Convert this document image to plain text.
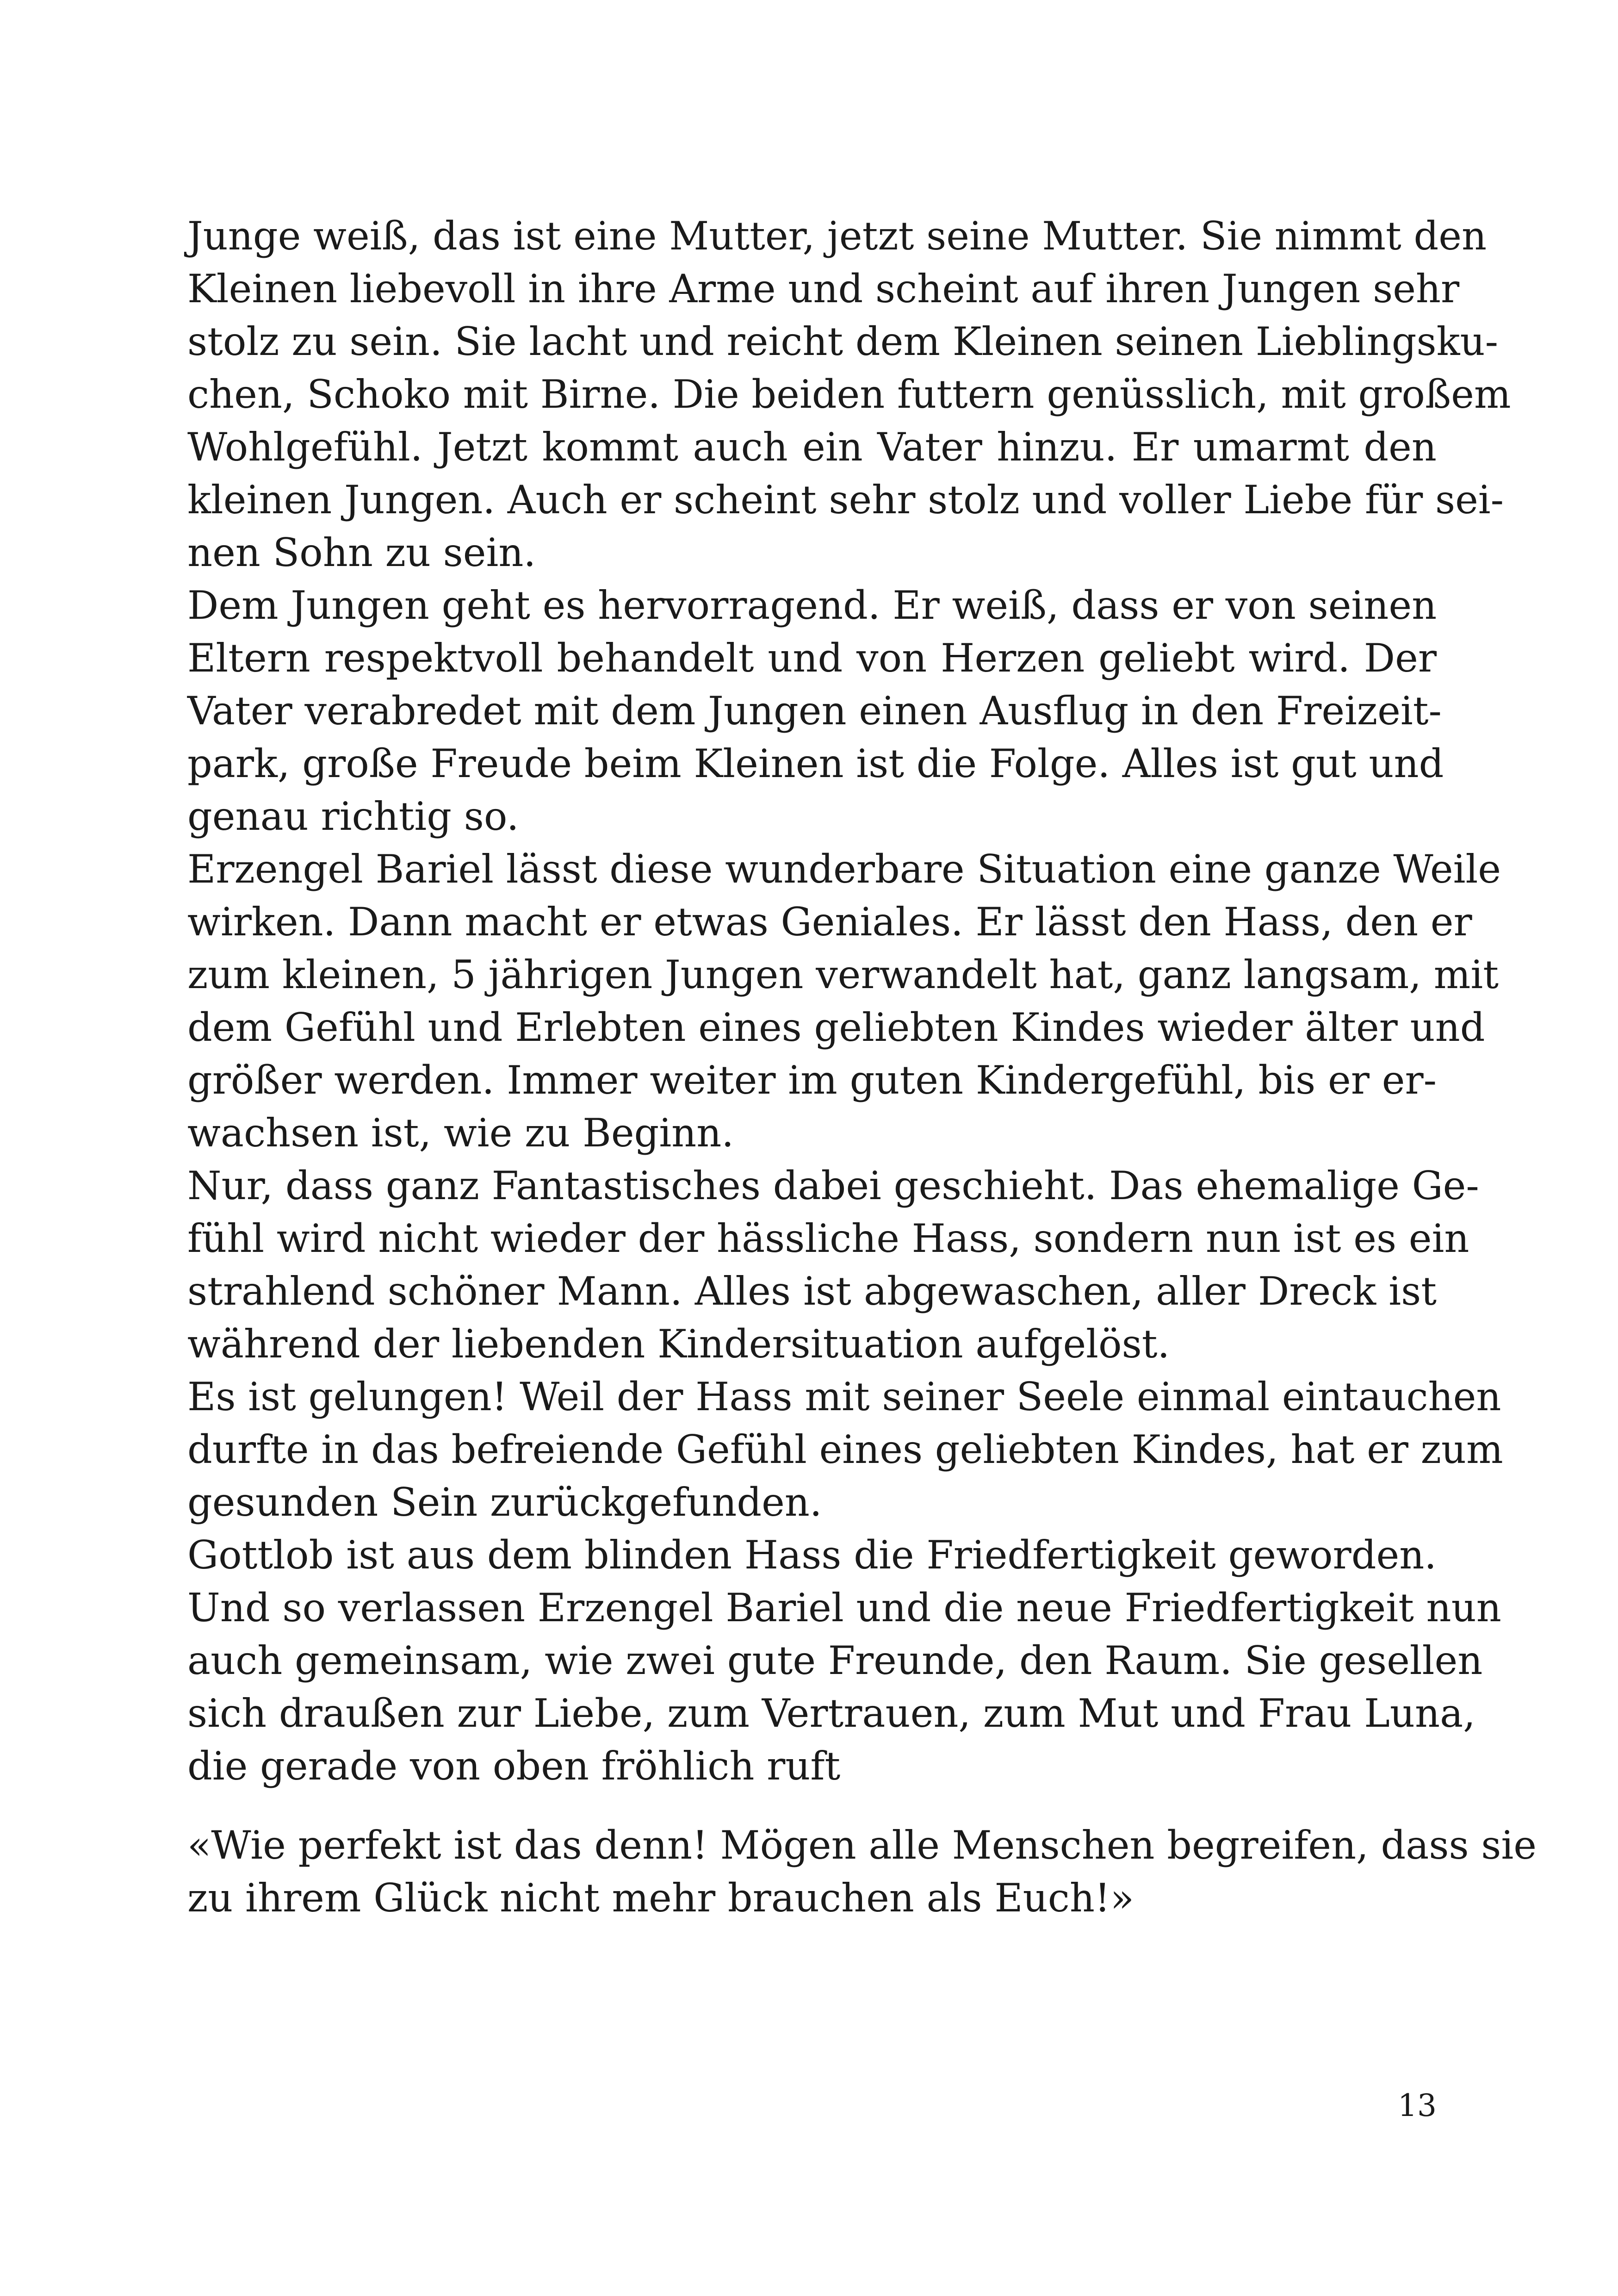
Junge weiß, das ist eine Mutter, jetzt seine Mutter. Sie nimmt den
Kleinen liebevoll in ihre Arme und scheint auf ihren Jungen sehr
stolz zu sein. Sie lacht und reicht dem Kleinen seinen Lieblingsku-
chen, Schoko mit Birne. Die beiden futtern genüsslich, mit großem
Wohlgefühl. Jetzt kommt auch ein Vater hinzu. Er umarmt den
kleinen Jungen. Auch er scheint sehr stolz und voller Liebe für sei-
nen Sohn zu sein.
Dem Jungen geht es hervorragend. Er weiß, dass er von seinen
Eltern respektvoll behandelt und von Herzen geliebt wird. Der
Vater verabredet mit dem Jungen einen Ausflug in den Freizeit-
park, große Freude beim Kleinen ist die Folge. Alles ist gut und
genau richtig so.
Erzengel Bariel lässt diese wunderbare Situation eine ganze Weile
wirken. Dann macht er etwas Geniales. Er lässt den Hass, den er
zum kleinen, 5 jährigen Jungen verwandelt hat, ganz langsam, mit
dem Gefühl und Erlebten eines geliebten Kindes wieder älter und
größer werden. Immer weiter im guten Kindergefühl, bis er er-
wachsen ist, wie zu Beginn.
Nur, dass ganz Fantastisches dabei geschieht. Das ehemalige Ge-
fühl wird nicht wieder der hässliche Hass, sondern nun ist es ein
strahlend schöner Mann. Alles ist abgewaschen, aller Dreck ist
während der liebenden Kindersituation aufgelöst.
Es ist gelungen! Weil der Hass mit seiner Seele einmal eintauchen
durfte in das befreiende Gefühl eines geliebten Kindes, hat er zum
gesunden Sein zurückgefunden.
Gottlob ist aus dem blinden Hass die Friedfertigkeit geworden.
Und so verlassen Erzengel Bariel und die neue Friedfertigkeit nun
auch gemeinsam, wie zwei gute Freunde, den Raum. Sie gesellen
sich draußen zur Liebe, zum Vertrauen, zum Mut und Frau Luna,
die gerade von oben fröhlich ruft
«Wie perfekt ist das denn! Mögen alle Menschen begreifen, dass sie
zu ihrem Glück nicht mehr brauchen als Euch!»
13
